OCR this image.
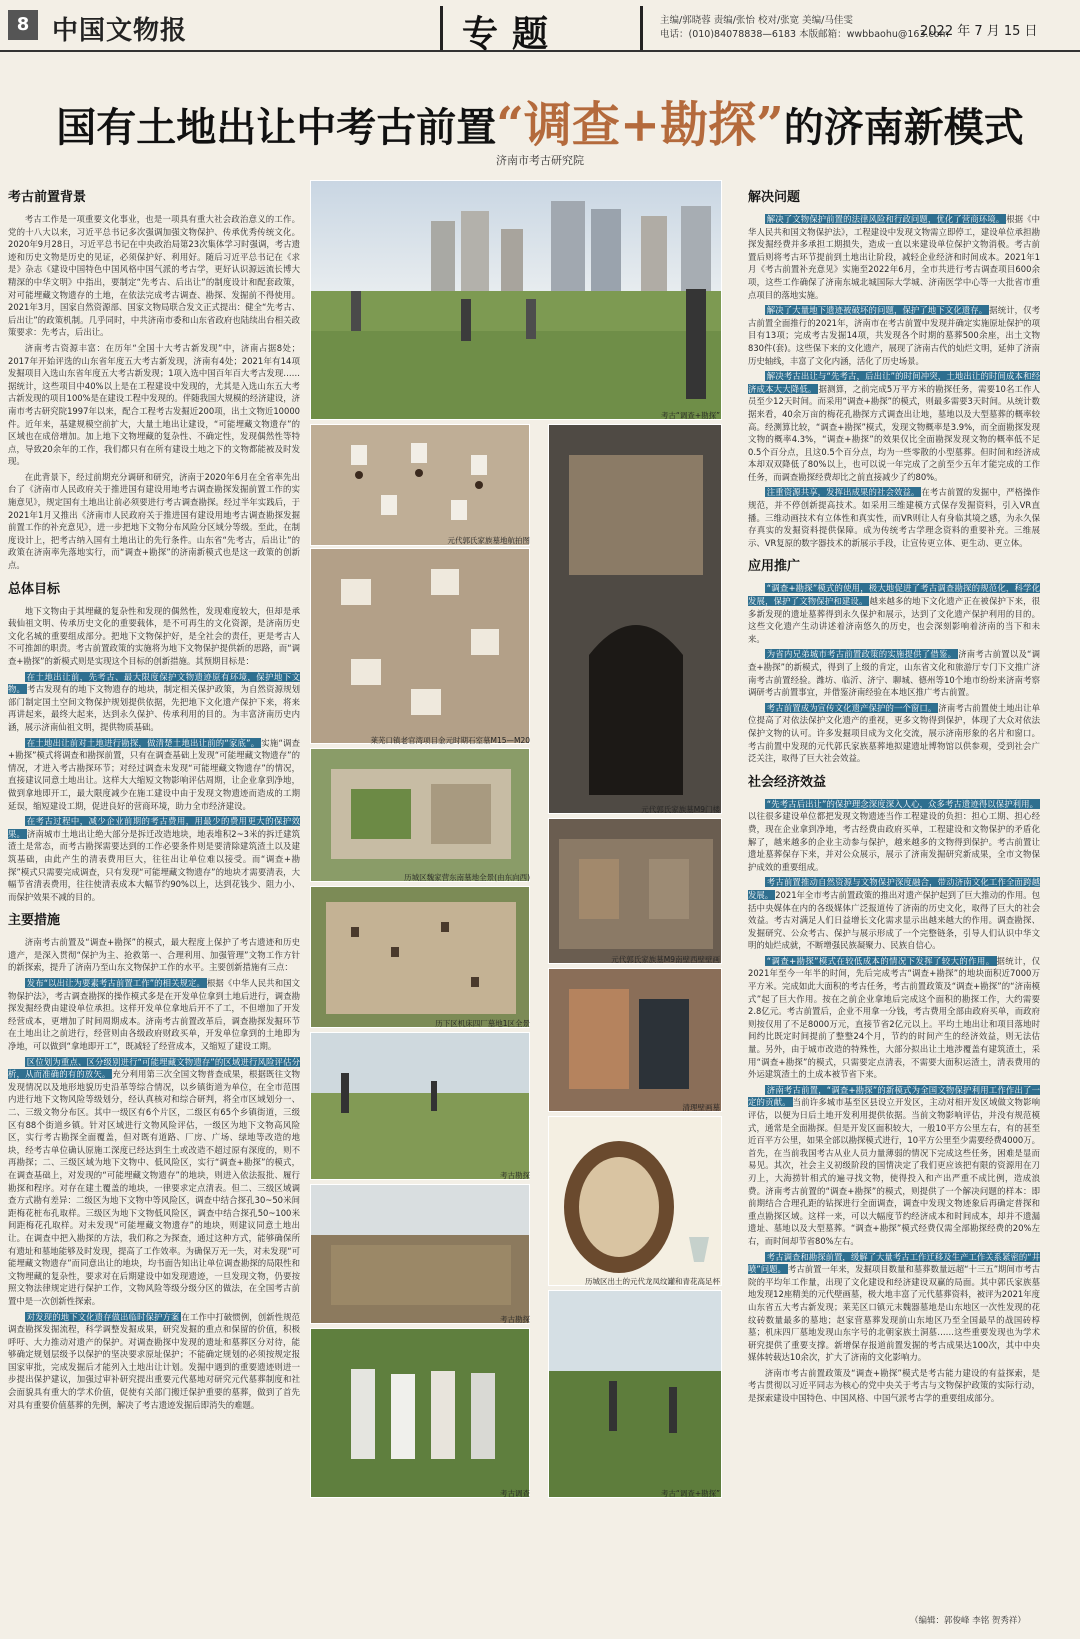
8 中国文物报	专题	主编/郭晓蓉 责编/张怡 校对/张宽 美编/马佳雯
电话：(010)84078838—6183 本版邮箱：wwbbaohu@163.com
2022 年 7 月 15 日
国有土地出让中考古前置“调查+勘探”的济南新模式
济南市考古研究院
考古前置背景

考古工作是一项重要文化事业，也是一项具有重大社会政治意义的工作。党的十八大以来，习近平总书记多次强调加强文物保护、传承优秀传统文化。2020年9月28日，习近平总书记在中央政治局第23次集体学习时强调，考古遗迹和历史文物是历史的见证，必须保护好、利用好。随后习近平总书记在《求是》杂志《建设中国特色中国风格中国气派的考古学，更好认识源远流长博大精深的中华文明》中指出，要制定“先考古、后出让”的制度设计和配套政策，对可能埋藏文物遗存的土地，在依法完成考古调查、勘探、发掘前不得使用。2021年3月，国家自然资源部、国家文物局联合发文正式提出：健全“先考古、后出让”的政策机制。几乎同时，中共济南市委和山东省政府也陆续出台相关政策要求：先考古，后出让。

济南考古资源丰富：在历年“全国十大考古新发现”中，济南占据8处；2017年开始评选的山东省年度五大考古新发现，济南有4处；2021年有14项发掘项目入选山东省年度五大考古新发现；1项入选中国百年百大考古发现……据统计，这些项目中40%以上是在工程建设中发现的，尤其是入选山东五大考古新发现的项目100%是在建设工程中发现的。伴随我国大规模的经济建设，济南市考古研究院1997年以来，配合工程考古发掘近200项，出土文物近10000件。近年来，基建规模空前扩大，大量土地出让建设，“可能埋藏文物遗存”的区域也在成倍增加。加上地下文物埋藏的复杂性、不确定性，发现偶然性等特点，导致20余年的工作，我们都只有在所有建设土地之下的文物都能被及时发现。

在此背景下，经过前期充分调研和研究，济南于2020年6月在全省率先出台了《济南市人民政府关于推进国有建设用地考古调查勘探发掘前置工作的实施意见》，规定国有土地出让前必须要进行考古调查勘探。经过半年实践后，于2021年1月又推出《济南市人民政府关于推进国有建设用地考古调查勘探发掘前置工作的补充意见》，进一步把地下文物分布风险分区域分等级。至此，在制度设计上，把考古纳入国有土地出让的先行条件。山东省“先考古，后出让”的政策在济南率先落地实行，而“调查+勘探”的济南新模式也是这一政策的创新点。

总体目标

地下文物由于其埋藏的复杂性和发现的偶然性，发现难度较大，但却是承载仙祖文明、传承历史文化的重要载体，是不可再生的文化资源，是济南历史文化名城的重要组成部分。把地下文物保护好，是全社会的责任，更是考古人不可推卸的职责。考古前置政策的实施将为地下文物保护提供新的思路，而“调查+勘探”的新模式则是实现这个目标的创新措施。其预期目标是：

在土地出让前，先考古、最大限度保护文物遗迹原有环境，保护地下文物。 考古发现有的地下文物遗存的地块，制定相关保护政策，为自然资源规划部门制定国土空间文物保护规划提供依据，先把地下文化遗产保护下来，将来再讲起来，最终大起来，达到永久保护、传承利用的目的。为丰富济南历史内涵，展示济南仙祖文明，提供物质基础。

在土地出让前对土地进行勘探，做清楚土地出让前的“家底”。 实施“调查+勘探”模式将调查和勘探前置，只有在调查基础上发现“可能埋藏文物遗存”的情况，才进入考古勘探环节；对经过调查未发现“可能埋藏文物遗存”的情况，直接建议同意土地出让。这样大大缩短文物影响评估周期，让企业拿到净地，做到拿地即开工，最大限度减少在施工建设中由于发现文物遗迹而造成的工期延误，缩短建设工期，促进良好的营商环境，助力全市经济建设。

在考古过程中，减少企业前期的考古费用，用最少的费用更大的保护效果。 济南城市土地出让绝大部分是拆迁改造地块，地表堆积2~3米的拆迁建筑渣土是常态，而考古勘探需要达到的工作必要条件则是要清除建筑渣土以及建筑基础，由此产生的清表费用巨大，往往出让单位难以接受。而“调查+勘探”模式只需要完成调查，只有发现“可能埋藏文物遗存”的地块才需要清表，大幅节省清表费用，往往使清表成本大幅节约90%以上，达到花钱少、阻力小、而保护效果不减的目的。

主要措施

济南考古前置及“调查+勘探”的模式，最大程度上保护了考古遗迹和历史遗产，是深入贯彻“保护为主、抢救第一、合理利用、加强管理”文物工作方针的新探索，提升了济南乃至山东文物保护工作的水平。主要创新措施有三点：

发布“以出让为要素考古前置工作”的相关规定。 根据《中华人民共和国文物保护法》，考古调查勘探的操作模式多是在开发单位拿到土地后进行，调查勘探发掘经费由建设单位承担。这样开发单位拿地后开不了工，不但增加了开发经营成本，更增加了时间周期成本。济南考古前置改革后，调查勘探发掘环节在土地出让之前进行，经营则由各级政府财政买单，开发单位拿到的土地即为净地，可以做到“拿地即开工”，既减轻了经营成本，又缩短了建设工期。

区位划为重点、区分级别进行“可能埋藏文物遗存”的区域进行风险评估分析，从而准确的有的放矢。 充分利用第三次全国文物普查成果，根据既往文物发现情况以及地形地貌历史沿革等综合情况，以乡镇街道为单位，在全市范围内进行地下文物风险等级划分，经认真核对和综合研判，将全市区域划分一、二、三级文物分布区。其中一级区有6个片区，二级区有65个乡镇街道，三级区有88个街道乡镇。针对区域进行文物风险评估，一级区为地下文物高风险区，实行考古勘探全面覆盖，但对既有道路、厂房、广场、绿地等改造的地块，经考古单位确认原施工深度已经达到生土或改造不超过原有深度的，则不再勘探；二、三级区域为地下文物中、低风险区，实行“调查+勘探”的模式，在调查基础上，对发现的“可能埋藏文物遗存”的地块，则进入依法报批、履行勘探和程序。对存在建土覆盖的地块，一律要求定点清表。但二、三级区域调查方式勘有差异：二级区为地下文物中等风险区，调查中结合探孔30~50米间距梅花桩布孔取样。三级区为地下文物低风险区，调查中结合探孔50~100米间距梅花孔取样。对未发现“可能埋藏文物遗存”的地块，则建议同意土地出让。在调查中把入勘探的方法，我们称之为探查，通过这种方式，能够确保所有遗址和墓地能够及时发现，提高了工作效率。为确保万无一失，对未发现“可能埋藏文物遗存”而同意出让的地块，均书面告知出让单位调查勘探的局限性和文物埋藏的复杂性，要求对在后期建设中如发现遗迹，一旦发现文物，仍要按照文物法律规定进行保护工作，文物风险等级分级分区的做法，在全国考古前置中是一次创新性探索。

对发现的地下文化遗存做出临时保护方案 在工作中打破惯例，创新性规范调查勘探发掘流程，科学调整发掘成果，研究发掘的重点和保留的价值，积极呼吁、大力推动对遗产的保护。对调查勘探中发现的遗址和墓葬区分对待，能够确定规划层级予以保护的坚决要求原址保护；不能确定规划的必须按规定报国家审批，完成发掘后才能列入土地出让计划。发掘中遇到的重要遗迹则进一步提出保护建议，加强过审补研究提出重要元代墓地对研究元代墓葬制度和社会面貌具有重大的学术价值，促使有关部门搬迁保护重要的墓葬，做到了首先对具有重要价值墓葬的先例，解决了考古遗迹发掘后即消失的难题。

考古“调查+勘探”
元代郭氏家族墓地航拍图
莱芜口镇老官湾项目金元时期石室墓M15—M20
历城区魏家营东南墓地全景(由东向西)
历下区机床四厂墓地1区全景
考古勘探
考古勘探
考古调查
元代郭氏家族墓M9门楼
元代郭氏家族墓M9南壁西壁壁画
清理壁画墓
历城区出土的元代龙凤纹罐和青花高足杯
考古“调查+勘探”
解决问题

解决了文物保护前置的法律风险和行政问题，优化了营商环境。 根据《中华人民共和国文物保护法》，工程建设中发现文物需立即停工，建设单位承担勘探发掘经费并多承担工期损失，造成一直以来建设单位保护文物消极。考古前置后则将考古环节提前到土地出让阶段，减轻企业经济和时间成本。2021年1月《考古前置补充意见》实施至2022年6月，全市共进行考古调查项目600余项，这些工作确保了济南东城北城国际大学城、济南医学中心等一大批省市重点项目的落地实施。

解决了大量地下遗迹被破坏的问题，保护了地下文化遗存。 据统计，仅考古前置全面推行的2021年，济南市在考古前置中发现并确定实施原址保护的项目有13项；完成考古发掘14项，共发现各个时期的墓葬500余座，出土文物830件(套)。这些保下来的文化遗产，展现了济南古代的灿烂文明，延伸了济南历史轴线，丰富了文化内涵，活化了历史场景。

解决考古出让与“先考古，后出让”的时间冲突，土地出让的时间成本和经济成本大大降低。 据测算，之前完成5万平方米的勘探任务，需要10名工作人员至少12天时间。而采用“调查+勘探”的模式，则最多需要3天时间。从统计数据来看，40余万亩的梅花孔勘探方式调查出让地，墓地以及大型墓葬的概率较高。经测算比较，“调查+勘探”模式，发现文物概率是3.9%，而全面勘探发现文物的概率4.3%，“调查+勘探”的效果仅比全面勘探发现文物的概率低不足0.5个百分点，且这0.5个百分点，均为一些零散的小型墓葬。但时间和经济成本却双双降低了80%以上，也可以说一年完成了之前至少五年才能完成的工作任务，而调查勘探经费却比之前直接减少了约80%。

注重资源共享，发挥出成果的社会效益。 在考古前置的发掘中，严格操作规范，并不停创新提高技术。如采用三维建模方式保存发掘资料，引入VR直播。三维动画技术有立体性和真实性，而VR则让人有身临其境之感，为永久保存真实的发掘资料提供保障。成为传统考古学理念资料的重要补充。三维展示、VR复原的数字器技术的新展示手段，让宣传更立体、更生动、更立体。

应用推广

“调查+勘探”模式的使用，极大地促进了考古调查勘探的规范化，科学化发展，保护了文物保护和建设。 越来越多的地下文化遗产正在被保护下来，很多新发现的遗址墓葬得到永久保护和展示，达到了文化遗产保护利用的目的。这些文化遗产生动讲述着济南悠久的历史，也会深刻影响着济南的当下和未来。

为省内兄弟城市考古前置政策的实施提供了借鉴。 济南考古前置以及“调查+勘探”的新模式，得到了上级的肯定，山东省文化和旅游厅专门下文推广济南考古前置经验。潍坊、临沂、济宁、聊城、德州等10个地市纷纷来济南考察调研考古前置事宜，并借鉴济南经验在本地区推广考古前置。

考古前置成为宣传文化遗产保护的一个窗口。 济南考古前置使土地出让单位提高了对依法保护文化遗产的重视，更多文物得到保护，体现了大众对依法保护文物的认可。许多发掘项目成为文化交流，展示济南形象的名片和窗口。考古前置中发现的元代郭氏家族墓葬地拟建遗址博物馆以供参观，受到社会广泛关注，取得了巨大社会效益。

社会经济效益

“先考古后出让”的保护理念深度深入人心，众多考古遗迹得以保护利用。以往很多建设单位都把发现文物遗迹当作工程建设的负担：担心工期、担心经费，现在企业拿到净地，考古经费由政府买单，工程建设和文物保护的矛盾化解了，越来越多的企业主动参与保护，越来越多的文物得到保护。考古前置让遗址墓葬保存下来，并对公众展示，展示了济南发掘研究新成果，全市文物保护成效的重要组成。

考古前置推动自然资源与文物保护深度融合，带动济南文化工作全面跨越发展。 2021年全市考古前置政策的推出对遗产保护起到了巨大推动的作用。包括中央媒体在内的各级媒体广泛报道传了济南的历史文化，取得了巨大的社会效益。考古对满足人们日益增长文化需求显示出越来越大的作用。调查勘探、发掘研究、公众考古、保护与展示形成了一个完整链条，引导人们认识中华文明的灿烂成就，不断增强民族凝聚力、民族自信心。

“调查+勘探”模式在较低成本的情况下发挥了较大的作用。 据统计，仅2021年至今一年半的时间，先后完成考古“调查+勘探”的地块面积近7000万平方米。完成如此大面积的考古任务，考古前置政策及“调查+勘探”的“济南模式”起了巨大作用。按在之前企业拿地后完成这个面积的勘探工作，大约需要2.8亿元。考古前置后，企业不用拿一分钱，考古费用全部由政府买单，而政府则按仅用了不足8000万元，直接节省2亿元以上。平均土地出让和项目落地时间约比既定时间提前了整整24个月，节约的时间产生的经济效益，则无法估量。另外，由于城市改造的特殊性，大部分拟出让土地涉覆盖有建筑渣土，采用“调查+勘探”的模式，只需要定点清表，不需要大面积运渣土，清表费用的外运建筑渣土的土成本被节省下来。

济南考古前置，“调查+勘探”的新模式为全国文物保护利用工作作出了一定的贡献。 当前许多城市基至区县设立开发区，主动对相开发区域做文物影响评估，以便为日后土地开发利用提供依据。当前文物影响评估，并没有规范模式，通常是全面勘探。但是开发区面积较大，一般10平方公里左右，有的甚至近百平方公里，如果全部以勘探模式进行，10平方公里至少需要经费4000万。首先，在当前我国考古从业人员力量薄弱的情况下完成这些任务，困难是显而易见。其次，社会主义初级阶段的国情决定了我们更应该把有限的资源用在刀刃上，大海捞针相式的遍寻找文物，使得投入和产出严重不成比例，造成浪费。济南考古前置的“调查+勘探”的模式，则提供了一个解决问题的样本：即前期结合合理孔距的钻探进行全面调查，调查中发现文物迹象后再确定普探和重点勘探区域。这样一来，可以大幅度节约经济成本和时间成本，却并不遗漏遗址、墓地以及大型墓葬。“调查+勘探”模式经费仅需全部勘探经费的20%左右，而时间却节省80%左右。

考古调查和勘探前置，缓解了大量考古工作迁移及生产工作关系紧密的“井喷”问题。 考古前置一年来，发掘项目数量和墓葬数量远超“十三五”期间市考古院的平均年工作量，出现了文化建设和经济建设双赢的局面。其中郭氏家族墓地发现12座精美的元代壁画墓，极大地丰富了元代墓葬资料，被评为2021年度山东省五大考古新发现；莱芜区口镇元末魏器墓地是山东地区一次性发现的花纹砖数量最多的墓地；赵家营墓葬发现前山东地区乃至全国最早的战国砖椁墓；机床四厂墓地发现山东字号的北朝家族土洞墓……这些重要发现也为学术研究提供了重要支撑。新增保存报道前置发掘的考古成果达100次，其中中央媒体转载达10余次，扩大了济南的文化影响力。

济南市考古前置政策及“调查+勘探”模式是考古能力建设的有益探索，是考古贯彻以习近平同志为核心的党中央关于考古与文物保护政策的实际行动，是探索建设中国特色、中国风格、中国气派考古学的重要组成部分。

（编辑：郭俊峰 李铭 贺秀祥）
